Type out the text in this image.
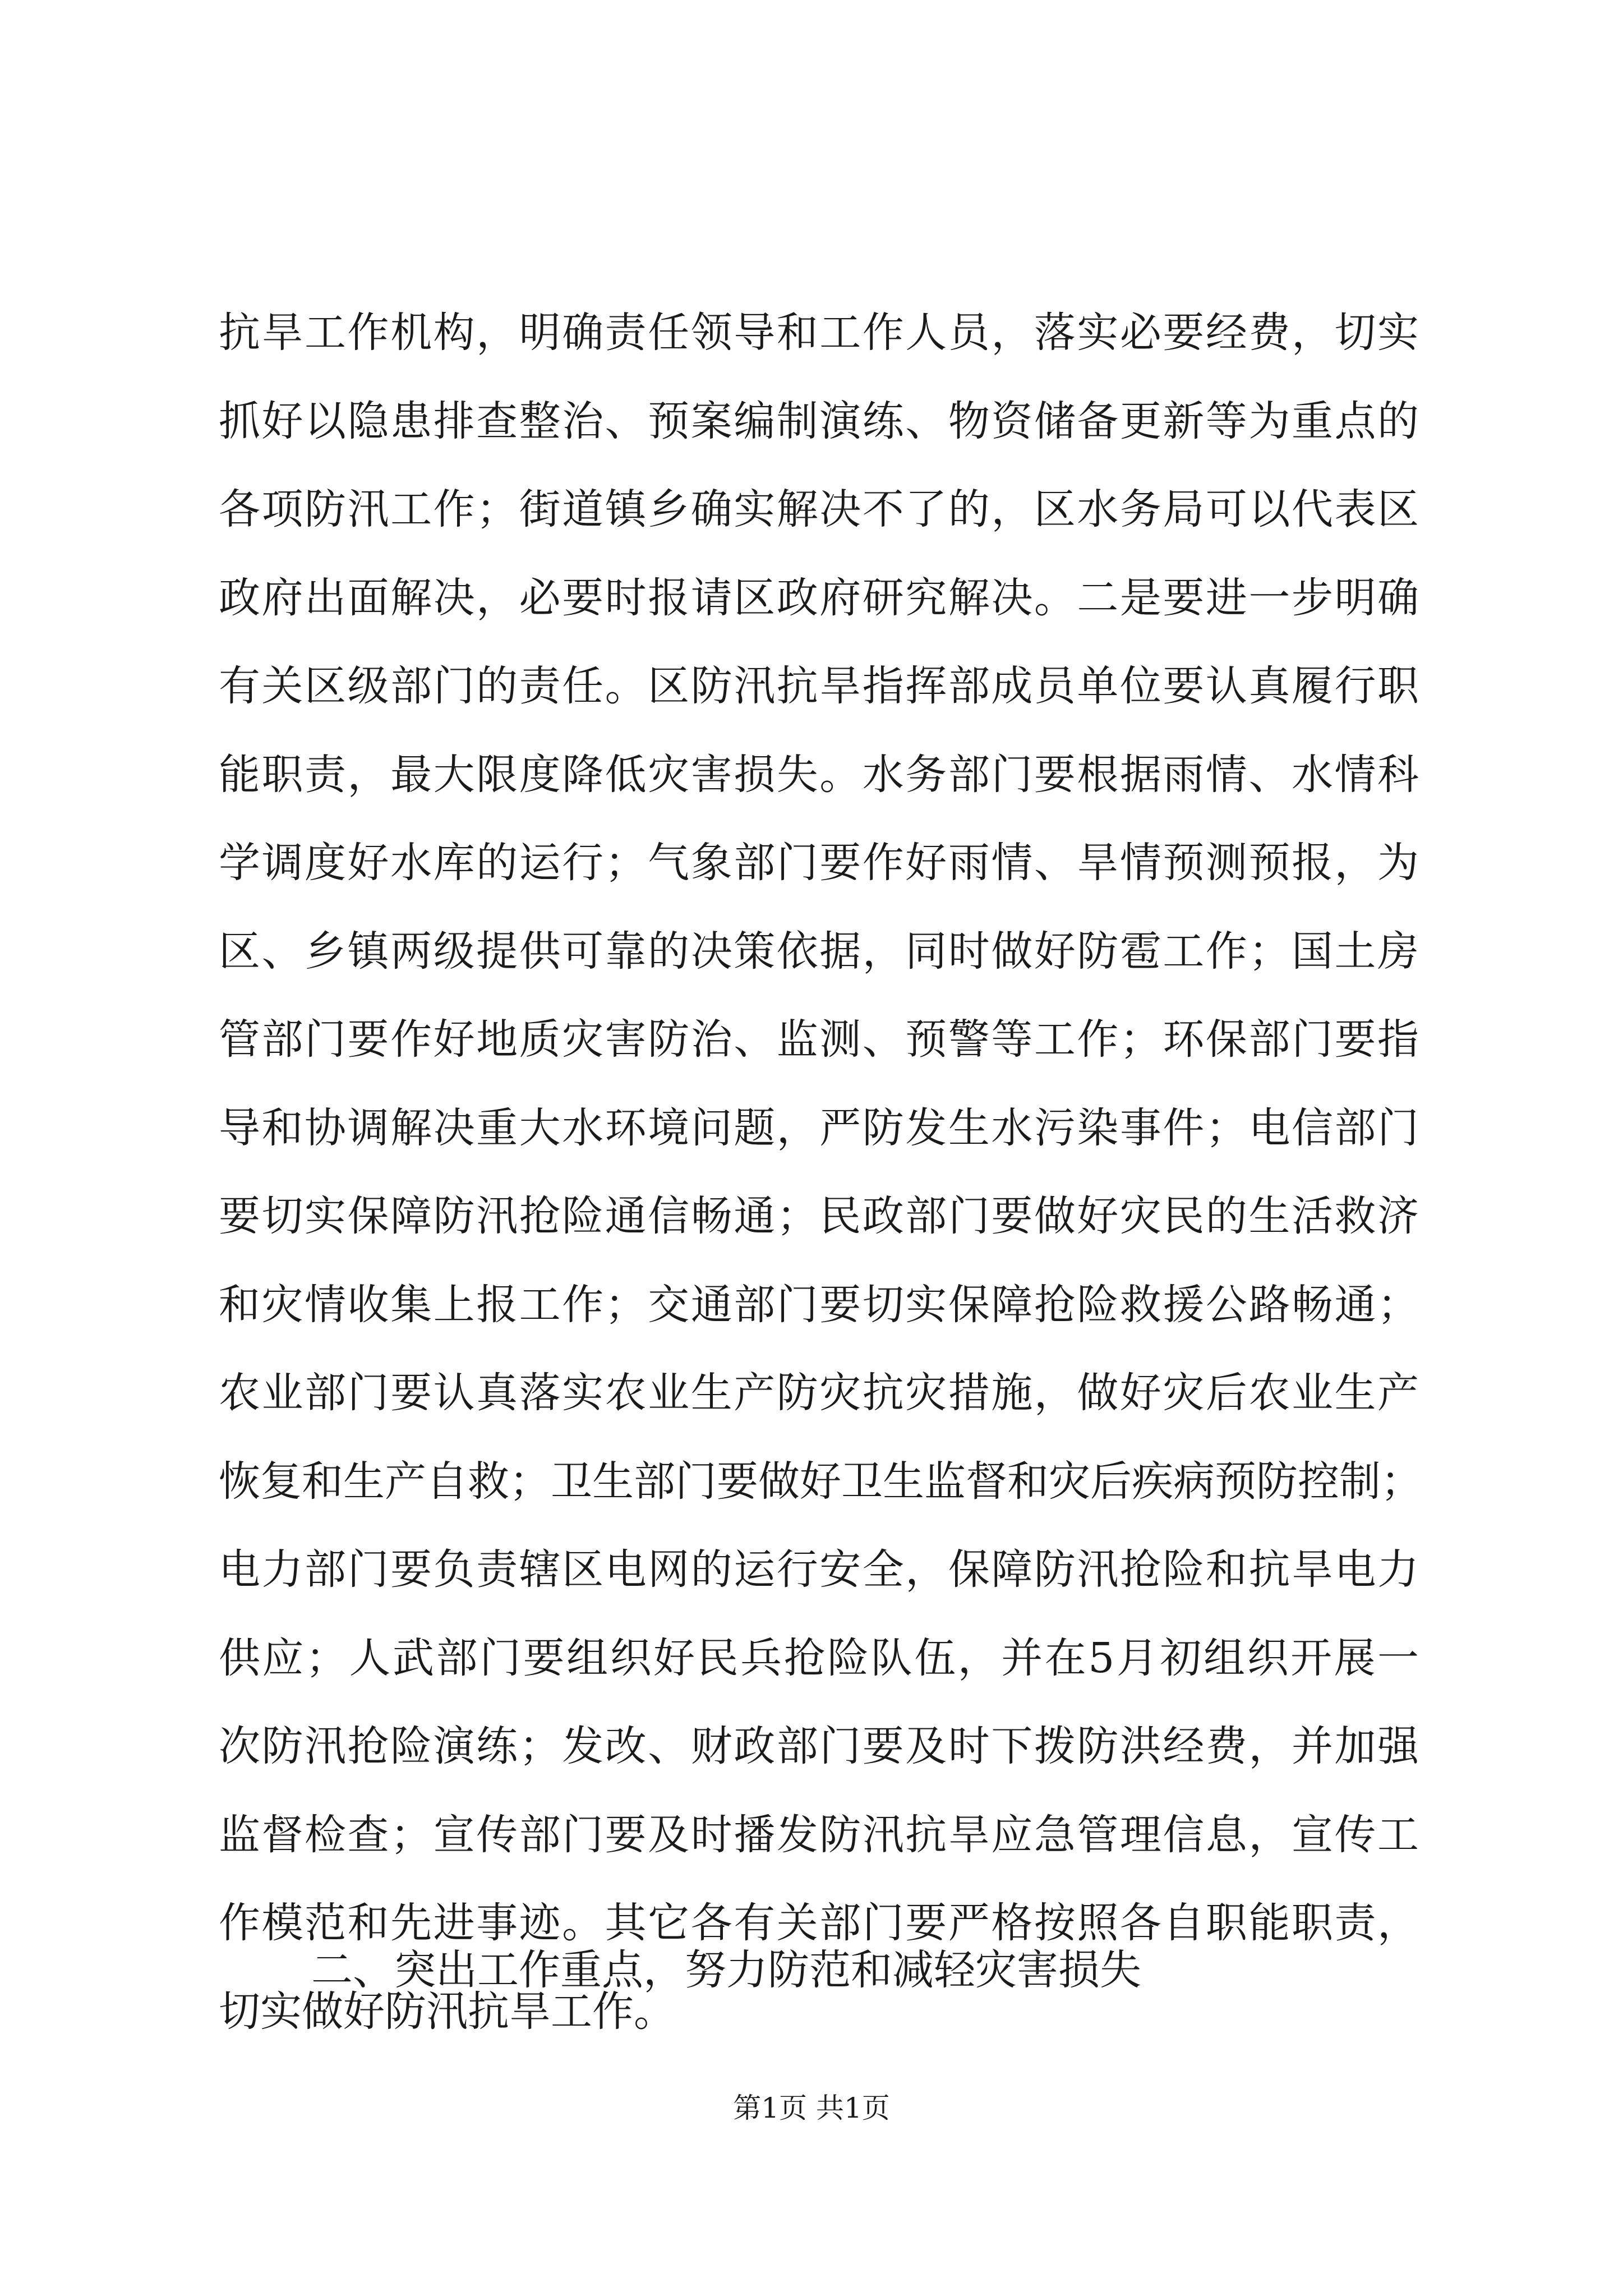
抗旱工作机构，明确责任领导和工作人员，落实必要经费，切实
抓好以隐患排查整治、预案编制演练、物资储备更新等为重点的
各项防汛工作；街道镇乡确实解决不了的，区水务局可以代表区
政府出面解决，必要时报请区政府研究解决。二是要进一步明确
有关区级部门的责任。区防汛抗旱指挥部成员单位要认真履行职
能职责，最大限度降低灾害损失。水务部门要根据雨情、水情科
学调度好水库的运行；气象部门要作好雨情、旱情预测预报，为
区、乡镇两级提供可靠的决策依据，同时做好防雹工作；国土房
管部门要作好地质灾害防治、监测、预警等工作；环保部门要指
导和协调解决重大水环境问题，严防发生水污染事件；电信部门
要切实保障防汛抢险通信畅通；民政部门要做好灾民的生活救济
和灾情收集上报工作；交通部门要切实保障抢险救援公路畅通；
农业部门要认真落实农业生产防灾抗灾措施，做好灾后农业生产
恢复和生产自救；卫生部门要做好卫生监督和灾后疾病预防控制；
电力部门要负责辖区电网的运行安全，保障防汛抢险和抗旱电力
供应；人武部门要组织好民兵抢险队伍，并在5月初组织开展一
次防汛抢险演练；发改、财政部门要及时下拨防洪经费，并加强
监督检查；宣传部门要及时播发防汛抗旱应急管理信息，宣传工
作模范和先进事迹。其它各有关部门要严格按照各自职能职责，
切实做好防汛抗旱工作。
二、突出工作重点，努力防范和减轻灾害损失
第1页 共1页
